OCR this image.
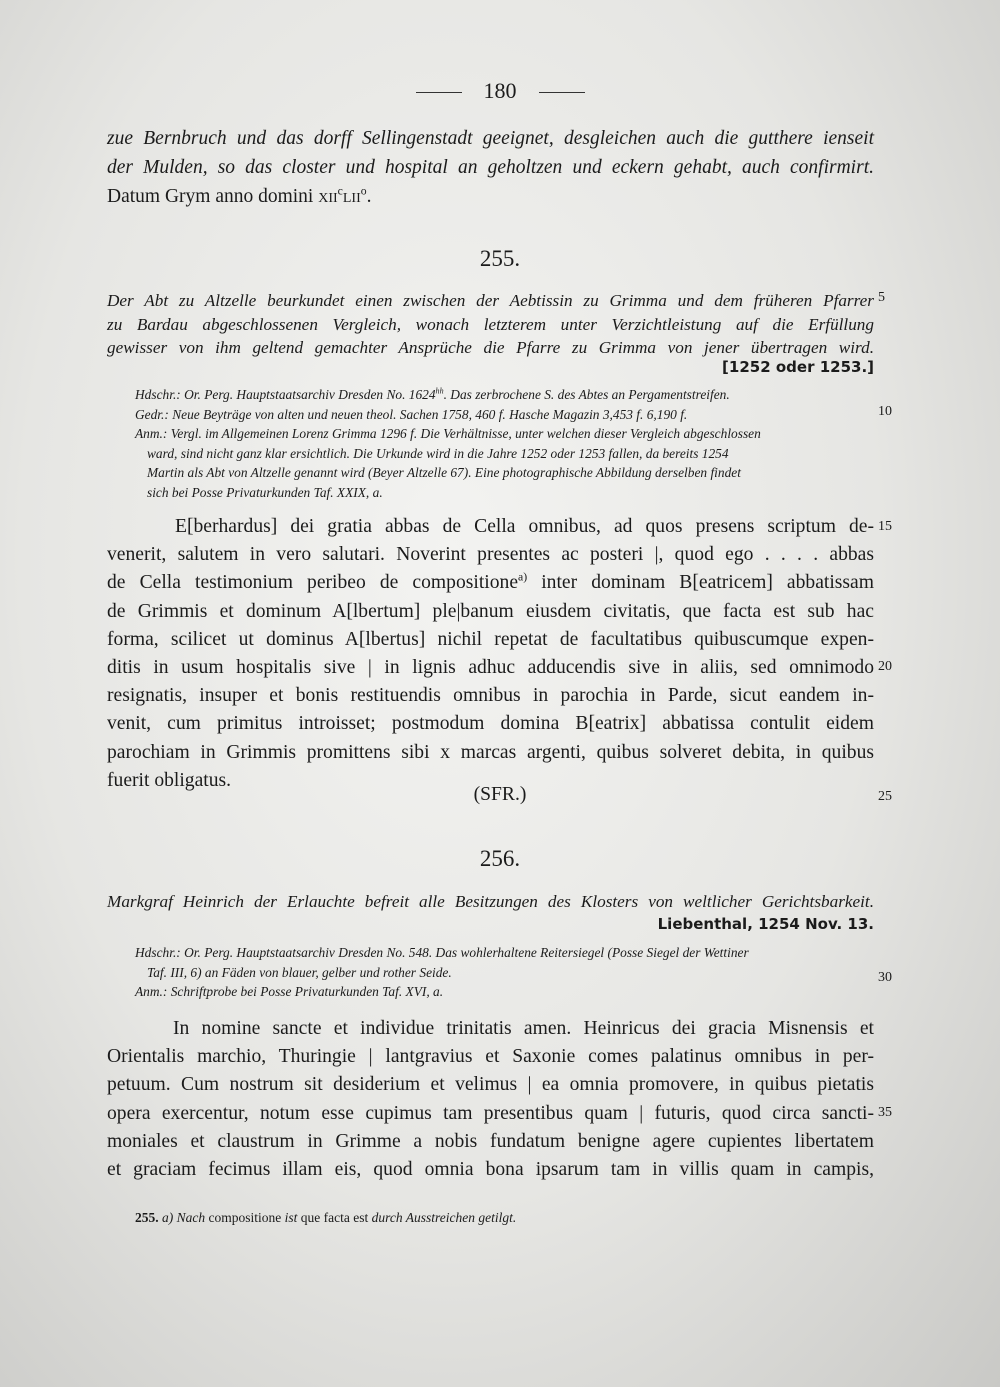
180
zue Bernbruch und das dorff Sellingenstadt geeignet, desgleichen auch die gutthere ienseit
der Mulden, so das closter und hospital an geholtzen und eckern gehabt, auch confirmirt.
Datum Grym anno domini xii$^c$lii$^o$.
255.
Der Abt zu Altzelle beurkundet einen zwischen der Aebtissin zu Grimma und dem früheren Pfarrer
zu Bardau abgeschlossenen Vergleich, wonach letzterem unter Verzichtleistung auf die Erfüllung
gewisser von ihm geltend gemachter Ansprüche die Pfarre zu Grimma von jener übertragen wird.
[1252 oder 1253.]
Hdschr.: Or. Perg. Hauptstaatsarchiv Dresden No. $1624^{hh}$. Das zerbrochene S. des Abtes an Pergamentstreifen.
Gedr.: Neue Beyträge von alten und neuen theol. Sachen 1758, 460 f. Hasche Magazin 3,453 f. 6,190 f.
Anm.: Vergl. im Allgemeinen Lorenz Grimma 1296 f. Die Verhältnisse, unter welchen dieser Vergleich abgeschlossen
ward, sind nicht ganz klar ersichtlich. Die Urkunde wird in die Jahre 1252 oder 1253 fallen, da bereits 1254
Martin als Abt von Altzelle genannt wird (Beyer Altzelle 67). Eine photographische Abbildung derselben findet
sich bei Posse Privaturkunden Taf. XXIX, a.
E[berhardus] dei gratia abbas de Cella omnibus, ad quos presens scriptum de-
venerit, salutem in vero salutari. Noverint presentes ac posteri |, quod ego . . . . abbas
de Cella testimonium peribeo de compositione$^{a)}$ inter dominam B[eatricem] abbatissam
de Grimmis et dominum A[lbertum] ple|banum eiusdem civitatis, que facta est sub hac
forma, scilicet ut dominus A[lbertus] nichil repetat de facultatibus quibuscumque expen-
ditis in usum hospitalis sive | in lignis adhuc adducendis sive in aliis, sed omnimodo
resignatis, insuper et bonis restituendis omnibus in parochia in Parde, sicut eandem in-
venit, cum primitus introisset; postmodum domina B[eatrix] abbatissa contulit eidem
parochiam in Grimmis promittens sibi x marcas argenti, quibus solveret debita, in quibus
fuerit obligatus.
(SFR.)
256.
Markgraf Heinrich der Erlauchte befreit alle Besitzungen des Klosters von weltlicher Gerichtsbarkeit.
Liebenthal, 1254 Nov. 13.
Hdschr.: Or. Perg. Hauptstaatsarchiv Dresden No. 548. Das wohlerhaltene Reitersiegel (Posse Siegel der Wettiner
Taf. III, 6) an Fäden von blauer, gelber und rother Seide.
Anm.: Schriftprobe bei Posse Privaturkunden Taf. XVI, a.
In nomine sancte et individue trinitatis amen. Heinricus dei gracia Misnensis et
Orientalis marchio, Thuringie | lantgravius et Saxonie comes palatinus omnibus in per-
petuum. Cum nostrum sit desiderium et velimus | ea omnia promovere, in quibus pietatis
opera exercentur, notum esse cupimus tam presentibus quam | futuris, quod circa sancti-
moniales et claustrum in Grimme a nobis fundatum benigne agere cupientes libertatem
et graciam fecimus illam eis, quod omnia bona ipsarum tam in villis quam in campis,
5
10
15
20
25
30
35
255. a) Nach compositione ist que facta est durch Ausstreichen getilgt.
